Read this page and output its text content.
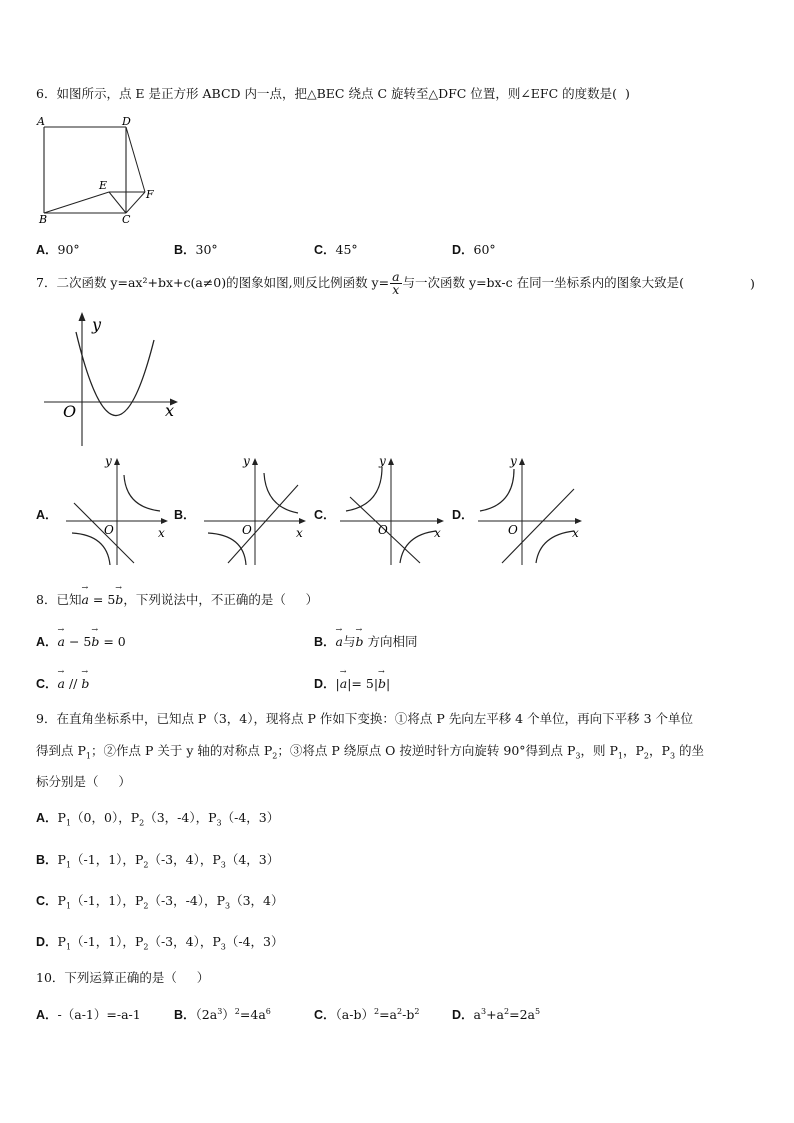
6．如图所示，点 E 是正方形 ABCD 内一点，把△BEC 绕点 C 旋转至△DFC 位置，则∠EFC 的度数是(  )
A	D
E
F
B	C
A．90°	B．30°	C．45°	D．60°
7．二次函数 y=ax²+bx+c(a≠0)的图象如图,则反比例函数 $y= \frac{a}{x}$ 与一次函数 y=bx-c 在同一坐标系内的图象大致是(	)
y
x
O
A．
y
x
O
B．
y
x
O
C．
y
x
O
D．
y
x
O
8．已知→ a = 5→ b，下列说法中，不正确的是（     ）
A．→ a − 5→ b = 0	B．→ a与→ b 方向相同
C．→ a // → b	D．|→ a|= 5|→ b|
9．在直角坐标系中，已知点 P（3，4），现将点 P 作如下变换：①将点 P 先向左平移 4 个单位，再向下平移 3 个单位
得到点 $P_1$；②作点 P 关于 y 轴的对称点 $P_2$；③将点 P 绕原点 O 按逆时针方向旋转 90°得到点 $P_3$，则 $P_1$，$P_2$，$P_3$ 的坐
标分别是（     ）
A．$P_1(0$，0），$P_2(3$，-4），$P_3(-4$，3）
B．$P_1(-1$，1），$P_2(-3$，4），$P_3(4$，3）
C．$P_1(-1$，1），$P_2(-3$，-4），$P_3(3$，4）
D．$P_1(-1$，1），$P_2(-3$，4），$P_3(-4$，3）
10．下列运算正确的是（     ）
A．-（a-1）=-a-1	B．$(2a^3)^2=4a^6$	C．$(a-b)^2=a^2-b^2$	D．$a^3+a^2=2a^5$
